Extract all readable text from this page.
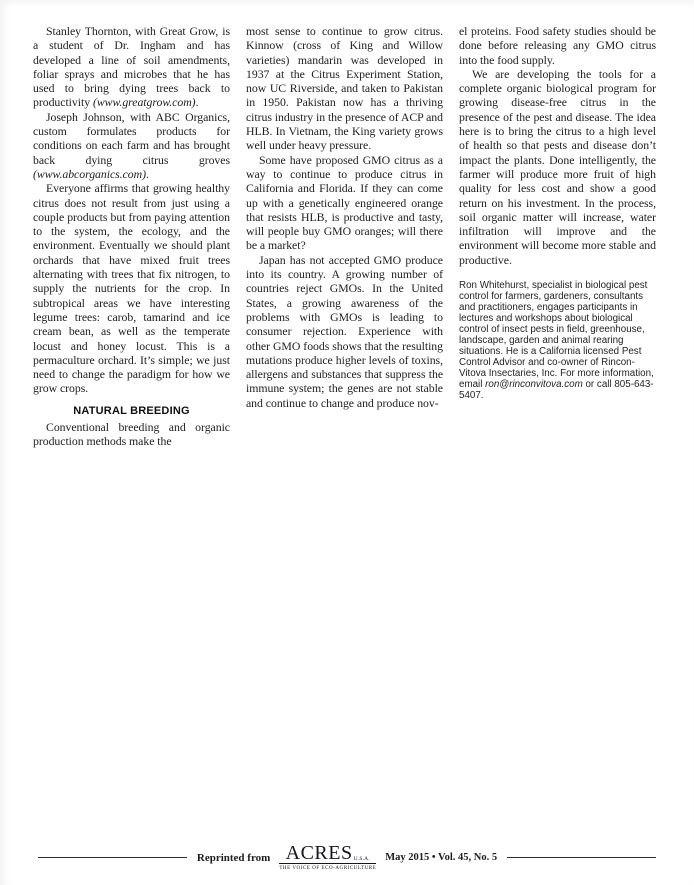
Stanley Thornton, with Great Grow, is a student of Dr. Ingham and has developed a line of soil amendments, foliar sprays and microbes that he has used to bring dying trees back to productivity (www.greatgrow.com).

Joseph Johnson, with ABC Organics, custom formulates products for conditions on each farm and has brought back dying citrus groves (www.abcorganics.com).

Everyone affirms that growing healthy citrus does not result from just using a couple products but from paying attention to the system, the ecology, and the environment. Eventually we should plant orchards that have mixed fruit trees alternating with trees that fix nitrogen, to supply the nutrients for the crop. In subtropical areas we have interesting legume trees: carob, tamarind and ice cream bean, as well as the temperate locust and honey locust. This is a permaculture orchard. It’s simple; we just need to change the paradigm for how we grow crops.

NATURAL BREEDING

Conventional breeding and organic production methods make the

most sense to continue to grow citrus. Kinnow (cross of King and Willow varieties) mandarin was developed in 1937 at the Citrus Experiment Station, now UC Riverside, and taken to Pakistan in 1950. Pakistan now has a thriving citrus industry in the presence of ACP and HLB. In Vietnam, the King variety grows well under heavy pressure.

Some have proposed GMO citrus as a way to continue to produce citrus in California and Florida. If they can come up with a genetically engineered orange that resists HLB, is productive and tasty, will people buy GMO oranges; will there be a market?

Japan has not accepted GMO produce into its country. A growing number of countries reject GMOs. In the United States, a growing awareness of the problems with GMOs is leading to consumer rejection. Experience with other GMO foods shows that the resulting mutations produce higher levels of toxins, allergens and substances that suppress the immune system; the genes are not stable and continue to change and produce nov-

el proteins. Food safety studies should be done before releasing any GMO citrus into the food supply.

We are developing the tools for a complete organic biological program for growing disease-free citrus in the presence of the pest and disease. The idea here is to bring the citrus to a high level of health so that pests and disease don’t impact the plants. Done intelligently, the farmer will produce more fruit of high quality for less cost and show a good return on his investment. In the process, soil organic matter will increase, water infiltration will improve and the environment will become more stable and productive.

Ron Whitehurst, specialist in biological pest control for farmers, gardeners, consultants and practitioners, engages participants in lectures and workshops about biological control of insect pests in field, greenhouse, landscape, garden and animal rearing situations. He is a California licensed Pest Control Advisor and co-owner of Rincon-Vitova Insectaries, Inc. For more information, email ron@rinconvitova.com or call 805-643-5407.

Reprinted from ACRES U.S.A.
THE VOICE OF ECO-AGRICULTURE
May 2015 • Vol. 45, No. 5
